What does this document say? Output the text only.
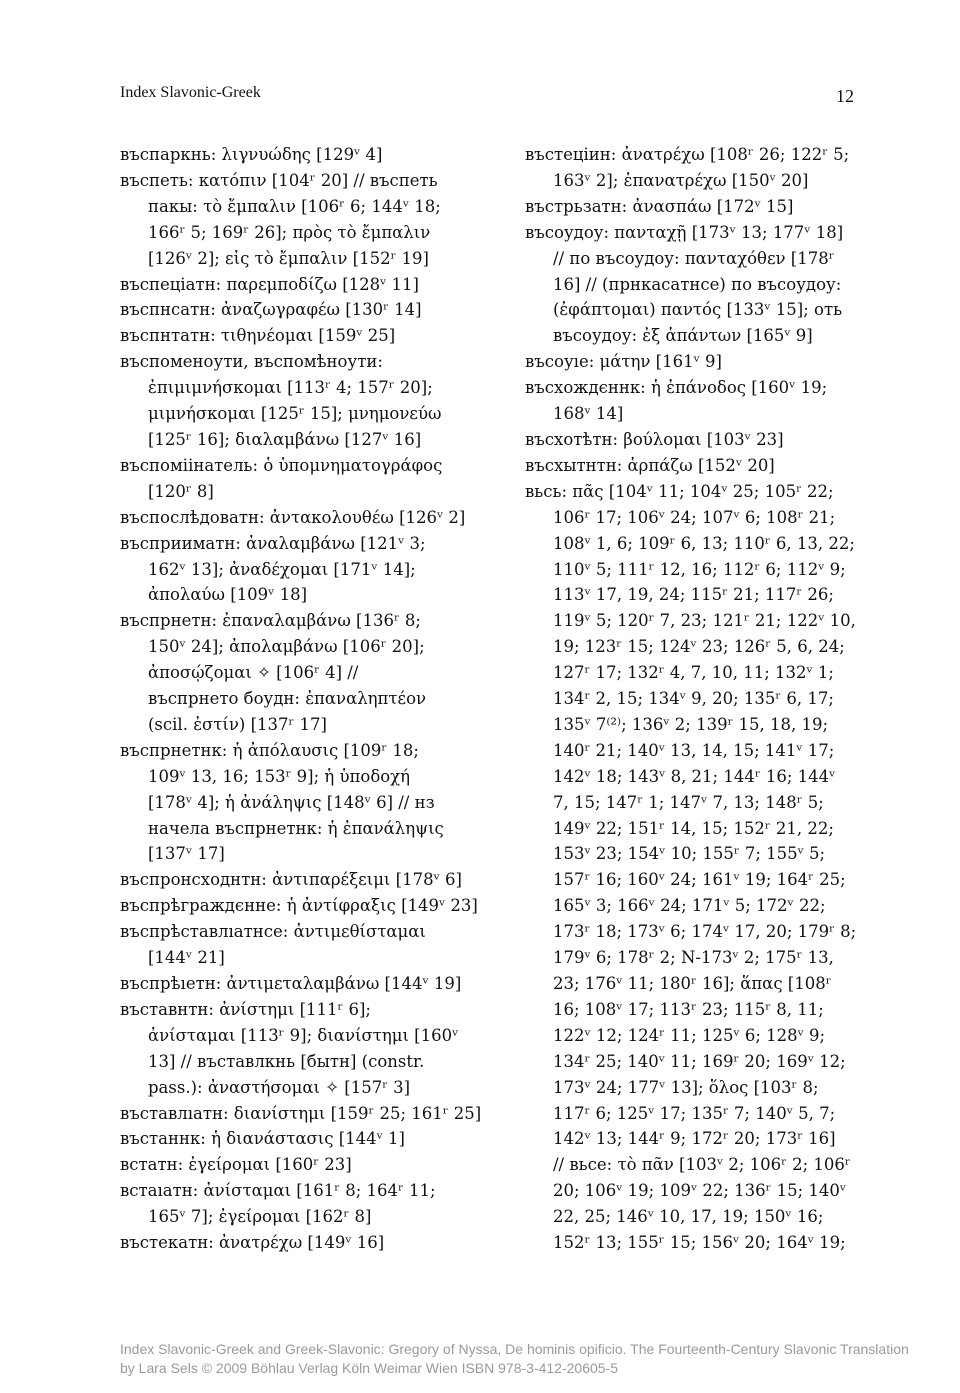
Index Slavonic-Greek	12
въспаркнь: λιγνυώδης [129ᵛ 4]
въспеть: κατόπιν [104ʳ 20] // въспеть
пакы: τὸ ἔμπαλιν [106ʳ 6; 144ᵛ 18;
166ʳ 5; 169ʳ 26]; πρὸς τὸ ἔμπαλιν
[126ᵛ 2]; εἰς τὸ ἔμπαλιν [152ʳ 19]
въспеціатн: παρεμποδίζω [128ᵛ 11]
въспнсатн: ἀναζωγραφέω [130ʳ 14]
въспнтатн: τιθηνέομαι [159ᵛ 25]
въспоменоути, въспомѣноути:
ἐπιμιμνήσκομαι [113ʳ 4; 157ʳ 20];
μιμνήσκομαι [125ʳ 15]; μνημονεύω
[125ʳ 16]; διαλαμβάνω [127ᵛ 16]
въспоміінатель: ὁ ὑπομνηματογράφος
[120ʳ 8]
въспослѣдоватн: ἀντακολουθέω [126ᵛ 2]
въсприиматн: ἀναλαμβάνω [121ᵛ 3;
162ᵛ 13]; ἀναδέχομαι [171ᵛ 14];
ἀπολαύω [109ᵛ 18]
въспрнетн: ἐπαναλαμβάνω [136ʳ 8;
150ᵛ 24]; ἀπολαμβάνω [106ʳ 20];
ἀποσῴζομαι ✧ [106ʳ 4] //
въспрнето боудн: ἐπαναληπτέον
(scil. ἐστίν) [137ʳ 17]
въспрнетнк: ἡ ἀπόλαυσις [109ʳ 18;
109ᵛ 13, 16; 153ʳ 9]; ἡ ὑποδοχή
[178ᵛ 4]; ἡ ἀνάληψις [148ᵛ 6] // нз
начела въспрнетнк: ἡ ἐπανάληψις
[137ᵛ 17]
въспронсходнтн: ἀντιπαρέξειμι [178ᵛ 6]
въспрѣграждєнне: ἡ ἀντίφραξις [149ᵛ 23]
въспрѣставлıатнсе: ἀντιμεθίσταμαι
[144ᵛ 21]
въспрѣıетн: ἀντιμεταλαμβάνω [144ᵛ 19]
въставнтн: ἀνίστημι [111ʳ 6];
ἀνίσταμαι [113ʳ 9]; διανίστημι [160ᵛ
13] // въставлкнь [бытн] (constr.
pass.): ἀναστήσομαι ✧ [157ʳ 3]
въставлıатн: διανίστημι [159ʳ 25; 161ʳ 25]
въстаннк: ἡ διανάστασις [144ᵛ 1]
встатн: ἐγείρομαι [160ʳ 23]
встаıатн: ἀνίσταμαι [161ʳ 8; 164ʳ 11;
165ᵛ 7]; ἐγείρομαι [162ʳ 8]
въстекатн: ἀνατρέχω [149ᵛ 16]
въстеціин: ἀνατρέχω [108ʳ 26; 122ʳ 5;
163ᵛ 2]; ἐπανατρέχω [150ᵛ 20]
въстрьзатн: ἀνασπάω [172ᵛ 15]
въсоудоу: πανταχῇ [173ᵛ 13; 177ᵛ 18]
// по въсоудоу: πανταχόθεν [178ʳ
16] // (прнкасатнсе) по въсоудоу:
(ἐφάπτομαι) παντός [133ᵛ 15]; оть
въсоудоу: ἐξ ἁπάντων [165ᵛ 9]
въсоуıе: μάτην [161ᵛ 9]
въсхождєннк: ἡ ἐπάνοδος [160ᵛ 19;
168ᵛ 14]
въсхотѣтн: βούλομαι [103ᵛ 23]
въсхытнтн: ἁρπάζω [152ᵛ 20]
вьсь: πᾶς [104ᵛ 11; 104ᵛ 25; 105ʳ 22;
106ʳ 17; 106ᵛ 24; 107ᵛ 6; 108ʳ 21;
108ᵛ 1, 6; 109ʳ 6, 13; 110ʳ 6, 13, 22;
110ᵛ 5; 111ʳ 12, 16; 112ʳ 6; 112ᵛ 9;
113ᵛ 17, 19, 24; 115ʳ 21; 117ʳ 26;
119ᵛ 5; 120ʳ 7, 23; 121ʳ 21; 122ᵛ 10,
19; 123ʳ 15; 124ᵛ 23; 126ʳ 5, 6, 24;
127ʳ 17; 132ʳ 4, 7, 10, 11; 132ᵛ 1;
134ʳ 2, 15; 134ᵛ 9, 20; 135ʳ 6, 17;
135ᵛ 7⁽²⁾; 136ᵛ 2; 139ʳ 15, 18, 19;
140ʳ 21; 140ᵛ 13, 14, 15; 141ᵛ 17;
142ᵛ 18; 143ᵛ 8, 21; 144ʳ 16; 144ᵛ
7, 15; 147ʳ 1; 147ᵛ 7, 13; 148ʳ 5;
149ᵛ 22; 151ʳ 14, 15; 152ʳ 21, 22;
153ᵛ 23; 154ᵛ 10; 155ʳ 7; 155ᵛ 5;
157ʳ 16; 160ᵛ 24; 161ᵛ 19; 164ʳ 25;
165ᵛ 3; 166ᵛ 24; 171ᵛ 5; 172ᵛ 22;
173ʳ 18; 173ᵛ 6; 174ᵛ 17, 20; 179ʳ 8;
179ᵛ 6; 178ʳ 2; N-173ᵛ 2; 175ʳ 13,
23; 176ᵛ 11; 180ʳ 16]; ἅπας [108ʳ
16; 108ᵛ 17; 113ʳ 23; 115ʳ 8, 11;
122ᵛ 12; 124ʳ 11; 125ᵛ 6; 128ᵛ 9;
134ʳ 25; 140ᵛ 11; 169ʳ 20; 169ᵛ 12;
173ᵛ 24; 177ᵛ 13]; ὅλος [103ʳ 8;
117ʳ 6; 125ᵛ 17; 135ʳ 7; 140ᵛ 5, 7;
142ᵛ 13; 144ʳ 9; 172ʳ 20; 173ʳ 16]
// вьсе: τὸ πᾶν [103ᵛ 2; 106ʳ 2; 106ʳ
20; 106ᵛ 19; 109ᵛ 22; 136ʳ 15; 140ᵛ
22, 25; 146ᵛ 10, 17, 19; 150ᵛ 16;
152ʳ 13; 155ʳ 15; 156ᵛ 20; 164ᵛ 19;
Index Slavonic-Greek and Greek-Slavonic: Gregory of Nyssa, De hominis opificio. The Fourteenth-Century Slavonic Translation
by Lara Sels © 2009 Böhlau Verlag Köln Weimar Wien ISBN 978-3-412-20605-5
